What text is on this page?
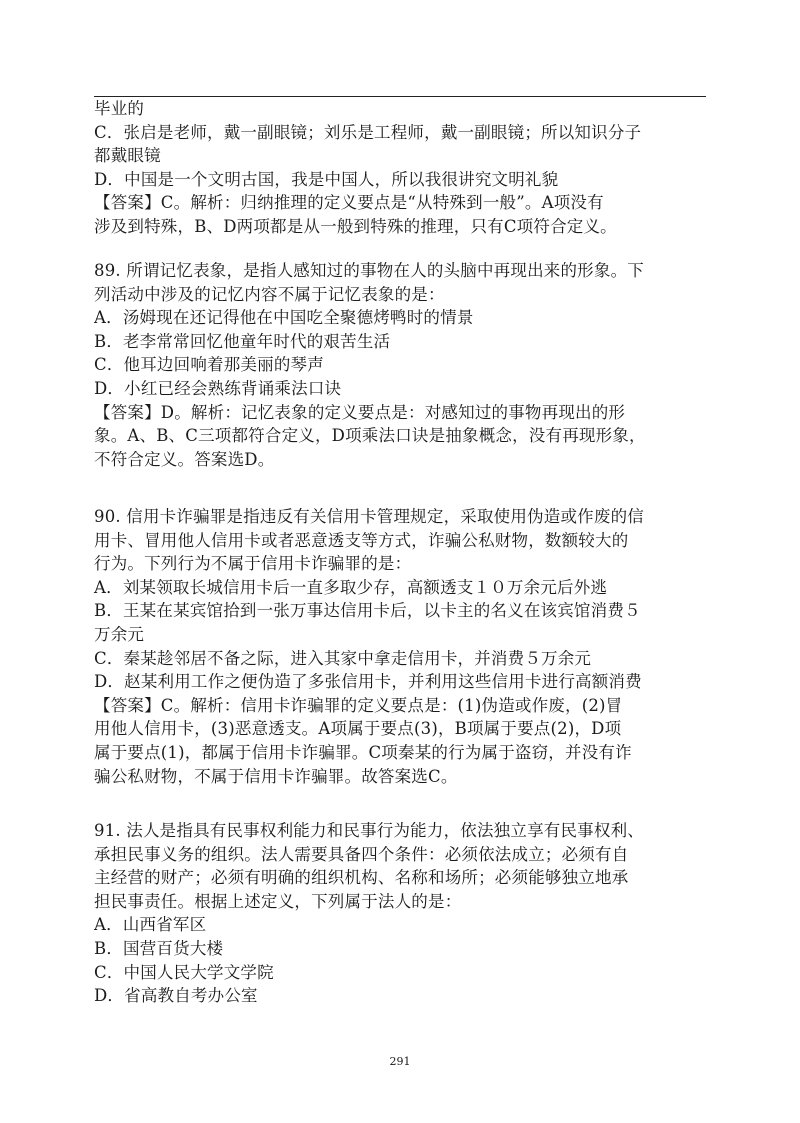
毕业的
C．张启是老师，戴一副眼镜；刘乐是工程师，戴一副眼镜；所以知识分子
都戴眼镜
D．中国是一个文明古国，我是中国人，所以我很讲究文明礼貌
【答案】C。解析：归纳推理的定义要点是“从特殊到一般”。A项没有
涉及到特殊，B、D两项都是从一般到特殊的推理，只有C项符合定义。
89. 所谓记忆表象，是指人感知过的事物在人的头脑中再现出来的形象。下
列活动中涉及的记忆内容不属于记忆表象的是：
A．汤姆现在还记得他在中国吃全聚德烤鸭时的情景
B．老李常常回忆他童年时代的艰苦生活
C．他耳边回响着那美丽的琴声
D．小红已经会熟练背诵乘法口诀
【答案】D。解析：记忆表象的定义要点是：对感知过的事物再现出的形
象。A、B、C三项都符合定义，D项乘法口诀是抽象概念，没有再现形象，
不符合定义。答案选D。
90. 信用卡诈骗罪是指违反有关信用卡管理规定，采取使用伪造或作废的信
用卡、冒用他人信用卡或者恶意透支等方式，诈骗公私财物，数额较大的
行为。下列行为不属于信用卡诈骗罪的是：
A．刘某领取长城信用卡后一直多取少存，高额透支１０万余元后外逃
B．王某在某宾馆拾到一张万事达信用卡后，以卡主的名义在该宾馆消费５
万余元
C．秦某趁邻居不备之际，进入其家中拿走信用卡，并消费５万余元
D．赵某利用工作之便伪造了多张信用卡，并利用这些信用卡进行高额消费
【答案】C。解析：信用卡诈骗罪的定义要点是：(1)伪造或作废，(2)冒
用他人信用卡，(3)恶意透支。A项属于要点(3)，B项属于要点(2)，D项
属于要点(1)，都属于信用卡诈骗罪。C项秦某的行为属于盗窃，并没有诈
骗公私财物，不属于信用卡诈骗罪。故答案选C。
91. 法人是指具有民事权利能力和民事行为能力，依法独立享有民事权利、
承担民事义务的组织。法人需要具备四个条件：必须依法成立；必须有自
主经营的财产；必须有明确的组织机构、名称和场所；必须能够独立地承
担民事责任。根据上述定义，下列属于法人的是：
A．山西省军区
B．国营百货大楼
C．中国人民大学文学院
D．省高教自考办公室
291
